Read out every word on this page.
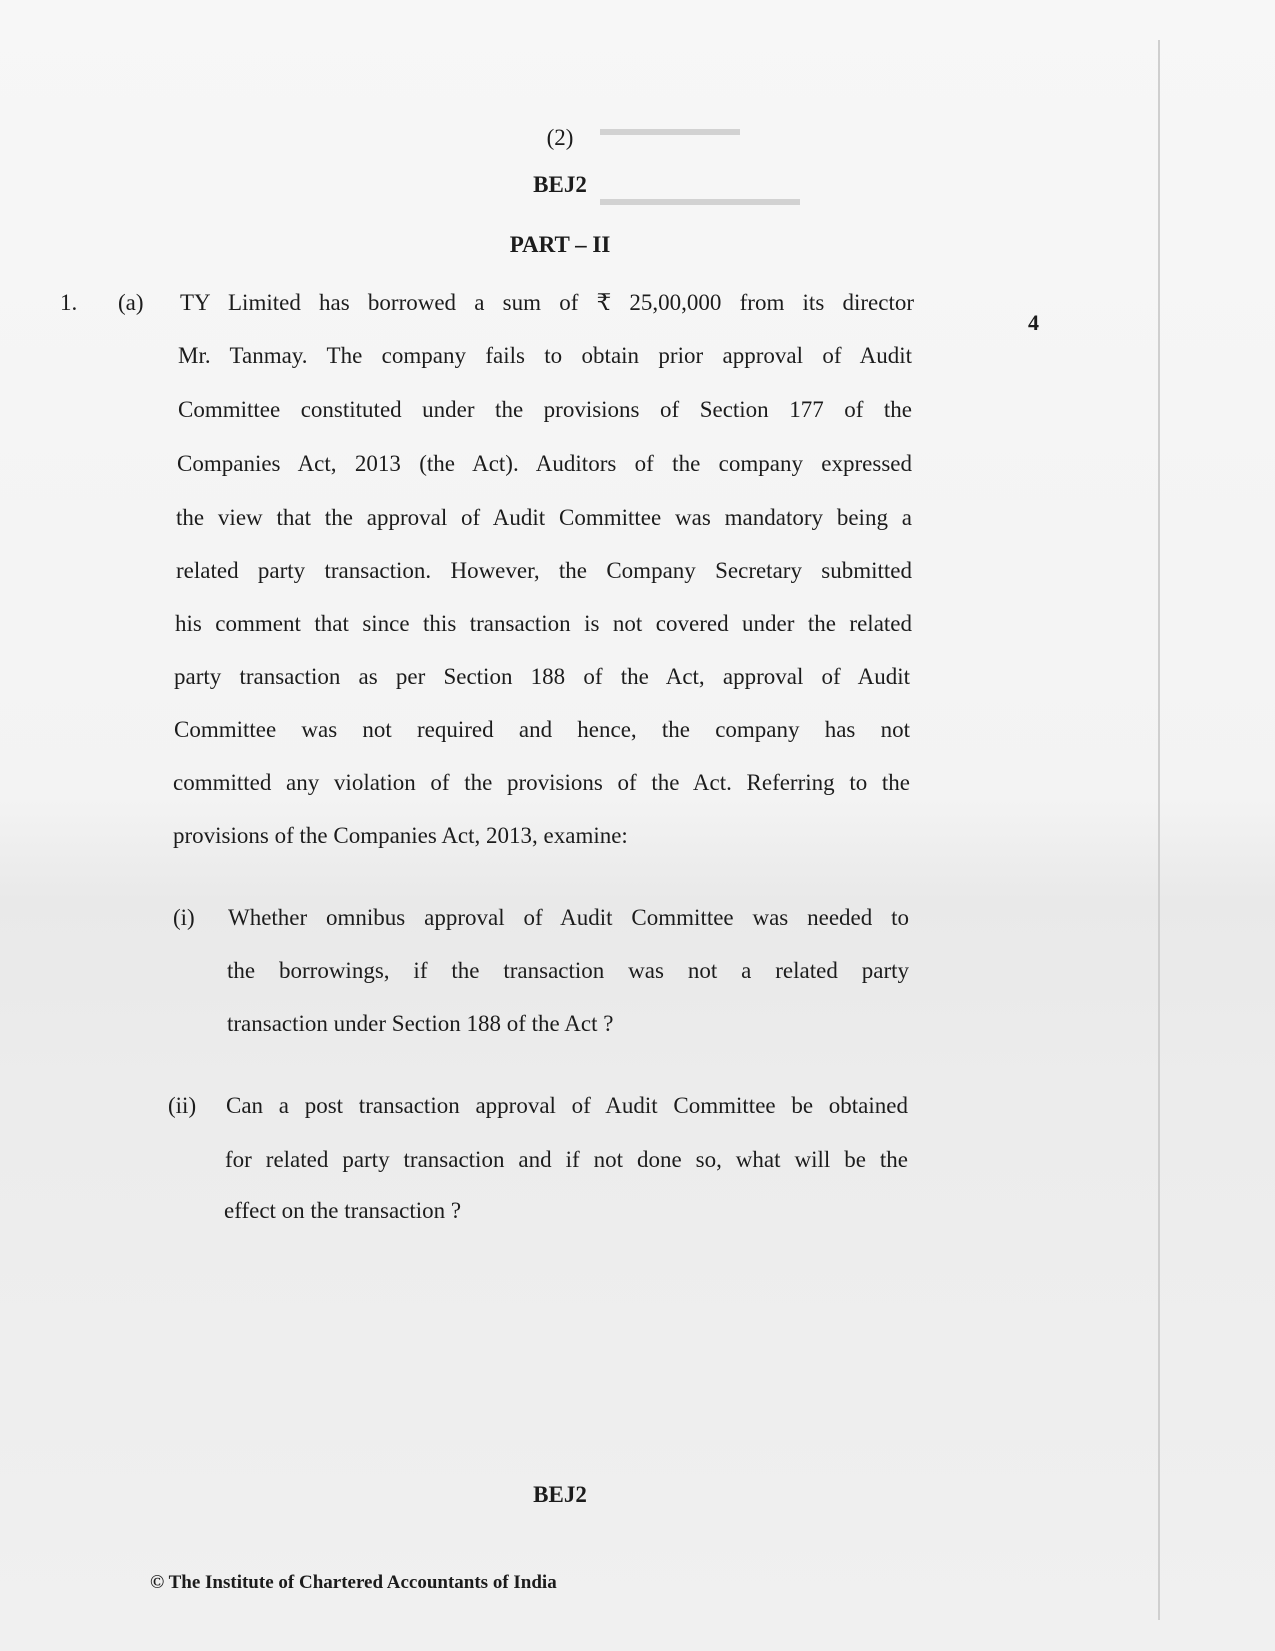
▬▬▬▬▬▬▬
▬▬▬▬▬▬▬▬▬▬
(2)
BEJ2
PART – II
1. (a)
4
TY Limited has borrowed a sum of ₹ 25,00,000 from its director
Mr. Tanmay. The company fails to obtain prior approval of Audit
Committee constituted under the provisions of Section 177 of the
Companies Act, 2013 (the Act). Auditors of the company expressed
the view that the approval of Audit Committee was mandatory being a
related party transaction. However, the Company Secretary submitted
his comment that since this transaction is not covered under the related
party transaction as per Section 188 of the Act, approval of Audit
Committee was not required and hence, the company has not
committed any violation of the provisions of the Act. Referring to the
provisions of the Companies Act, 2013, examine:
(i) Whether omnibus approval of Audit Committee was needed to
the borrowings, if the transaction was not a related party
transaction under Section 188 of the Act ?
(ii) Can a post transaction approval of Audit Committee be obtained
for related party transaction and if not done so, what will be the
effect on the transaction ?
BEJ2
© The Institute of Chartered Accountants of India
